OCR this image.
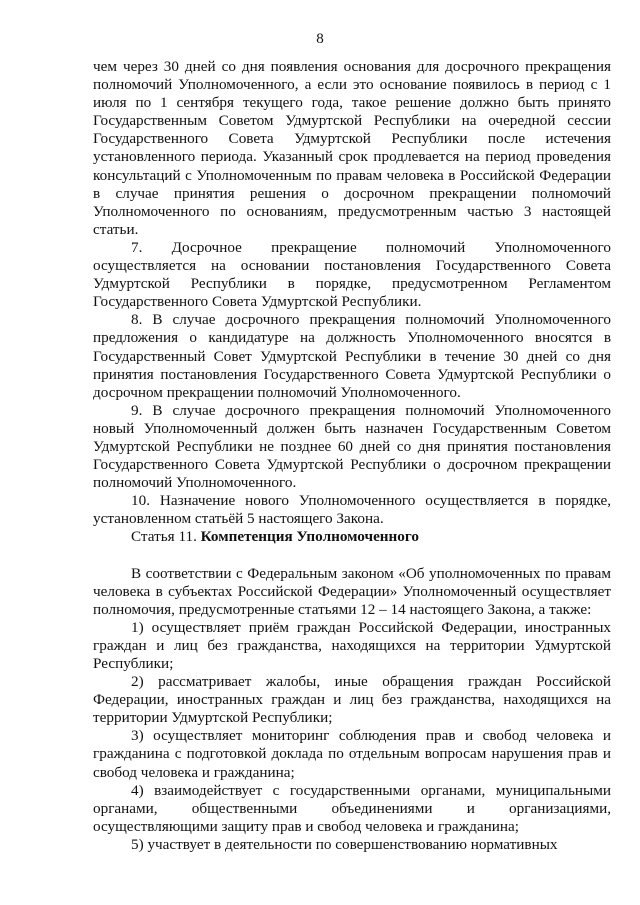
8

чем через 30 дней со дня появления основания для досрочного прекращения полномочий Уполномоченного, а если это основание появилось в период с 1 июля по 1 сентября текущего года, такое решение должно быть принято Государственным Советом Удмуртской Республики на очередной сессии Государственного Совета Удмуртской Республики после истечения установленного периода. Указанный срок продлевается на период проведения консультаций с Уполномоченным по правам человека в Российской Федерации в случае принятия решения о досрочном прекращении полномочий Уполномоченного по основаниям, предусмотренным частью 3 настоящей статьи.

7. Досрочное прекращение полномочий Уполномоченного осуществляется на основании постановления Государственного Совета Удмуртской Республики в порядке, предусмотренном Регламентом Государственного Совета Удмуртской Республики.

8. В случае досрочного прекращения полномочий Уполномоченного предложения о кандидатуре на должность Уполномоченного вносятся в Государственный Совет Удмуртской Республики в течение 30 дней со дня принятия постановления Государственного Совета Удмуртской Республики о досрочном прекращении полномочий Уполномоченного.

9. В случае досрочного прекращения полномочий Уполномоченного новый Уполномоченный должен быть назначен Государственным Советом Удмуртской Республики не позднее 60 дней со дня принятия постановления Государственного Совета Удмуртской Республики о досрочном прекращении полномочий Уполномоченного.

10. Назначение нового Уполномоченного осуществляется в порядке, установленном статьёй 5 настоящего Закона.

Статья 11. Компетенция Уполномоченного

В соответствии с Федеральным законом «Об уполномоченных по правам человека в субъектах Российской Федерации» Уполномоченный осуществляет полномочия, предусмотренные статьями 12 – 14 настоящего Закона, а также:

1) осуществляет приём граждан Российской Федерации, иностранных граждан и лиц без гражданства, находящихся на территории Удмуртской Республики;

2) рассматривает жалобы, иные обращения граждан Российской Федерации, иностранных граждан и лиц без гражданства, находящихся на территории Удмуртской Республики;

3) осуществляет мониторинг соблюдения прав и свобод человека и гражданина с подготовкой доклада по отдельным вопросам нарушения прав и свобод человека и гражданина;

4) взаимодействует с государственными органами, муниципальными органами, общественными объединениями и организациями, осуществляющими защиту прав и свобод человека и гражданина;

5) участвует в деятельности по совершенствованию нормативных
